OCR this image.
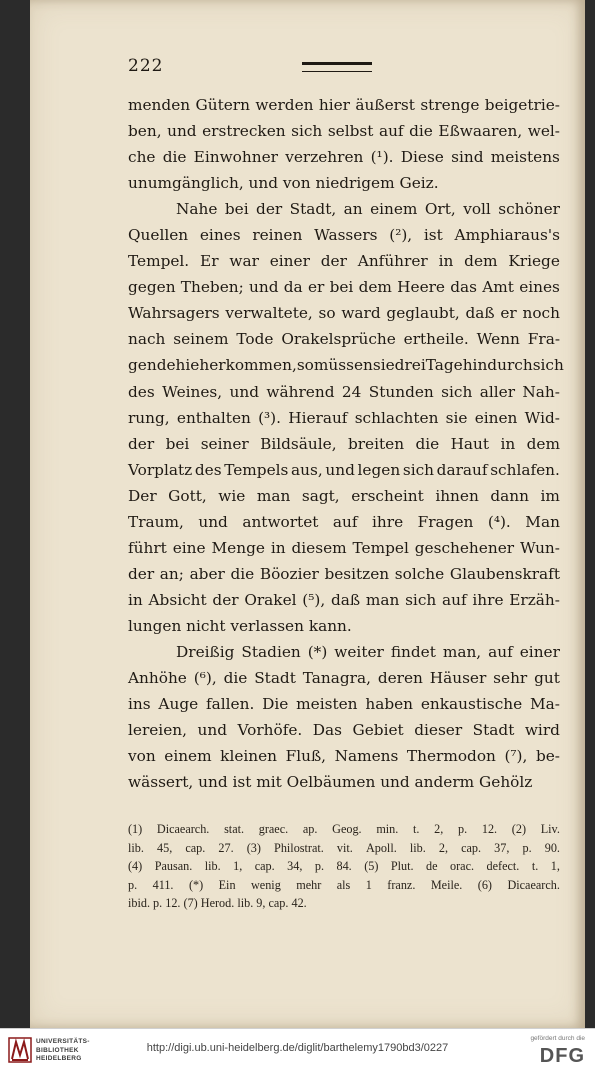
222
menden Gütern werden hier äußerst strenge beigetrie-
ben, und erstrecken sich selbst auf die Eßwaaren, wel-
che die Einwohner verzehren (¹). Diese sind meistens
unumgänglich, und von niedrigem Geiz.
Nahe bei der Stadt, an einem Ort, voll schöner
Quellen eines reinen Wassers (²), ist Amphiaraus's
Tempel. Er war einer der Anführer in dem Kriege
gegen Theben; und da er bei dem Heere das Amt eines
Wahrsagers verwaltete, so ward geglaubt, daß er noch
nach seinem Tode Orakelsprüche ertheile. Wenn Fra-
gende hieher kommen, so müssen sie drei Tage hindurch sich
des Weines, und während 24 Stunden sich aller Nah-
rung, enthalten (³). Hierauf schlachten sie einen Wid-
der bei seiner Bildsäule, breiten die Haut in dem
Vorplatz des Tempels aus, und legen sich darauf schlafen.
Der Gott, wie man sagt, erscheint ihnen dann im
Traum, und antwortet auf ihre Fragen (⁴). Man
führt eine Menge in diesem Tempel geschehener Wun-
der an; aber die Böozier besitzen solche Glaubenskraft
in Absicht der Orakel (⁵), daß man sich auf ihre Erzäh-
lungen nicht verlassen kann.
Dreißig Stadien (*) weiter findet man, auf einer
Anhöhe (⁶), die Stadt Tanagra, deren Häuser sehr gut
ins Auge fallen. Die meisten haben enkaustische Ma-
lereien, und Vorhöfe. Das Gebiet dieser Stadt wird
von einem kleinen Fluß, Namens Thermodon (⁷), be-
wässert, und ist mit Oelbäumen und anderm Gehölz
(1) Dicaearch. stat. graec. ap. Geog. min. t. 2, p. 12. (2) Liv.
lib. 45, cap. 27. (3) Philostrat. vit. Apoll. lib. 2, cap. 37, p. 90.
(4) Pausan. lib. 1, cap. 34, p. 84. (5) Plut. de orac. defect. t. 1,
p. 411. (*) Ein wenig mehr als 1 franz. Meile. (6) Dicaearch.
ibid. p. 12. (7) Herod. lib. 9, cap. 42.
UNIVERSITÄTS-
BIBLIOTHEK
HEIDELBERG
http://digi.ub.uni-heidelberg.de/diglit/barthelemy1790bd3/0227
gefördert durch die
DFG
